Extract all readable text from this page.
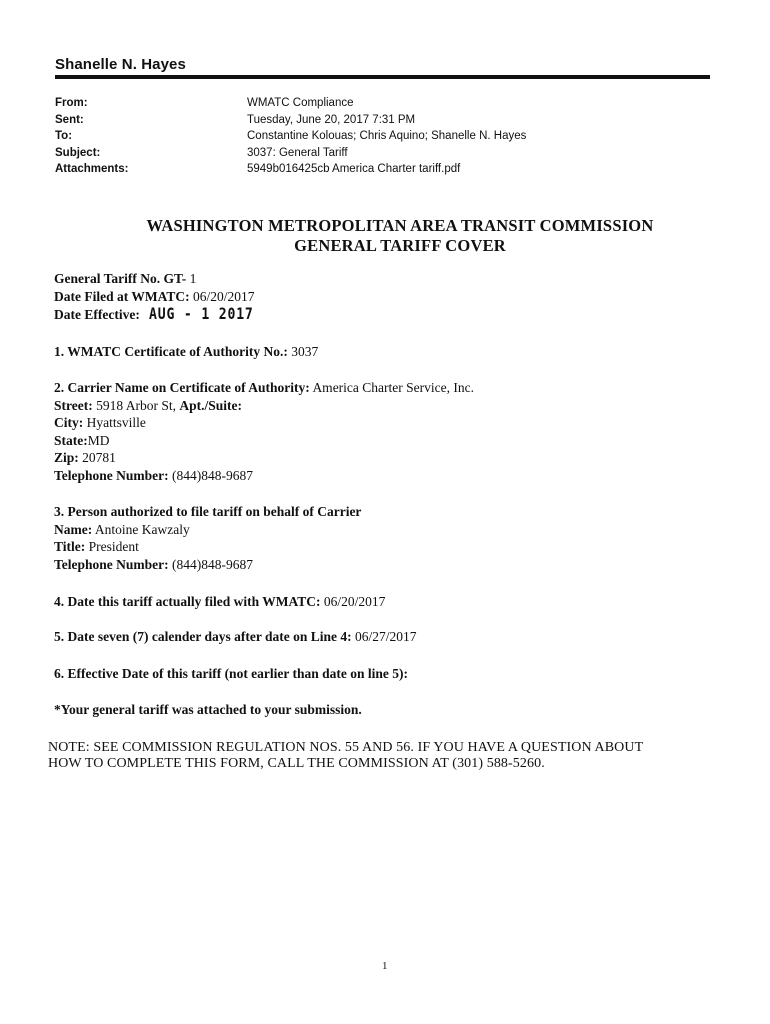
Shanelle N. Hayes
From:	WMATC Compliance
Sent:	Tuesday, June 20, 2017 7:31 PM
To:	Constantine Kolouas; Chris Aquino; Shanelle N. Hayes
Subject:	3037: General Tariff
Attachments:	5949b016425cb America Charter tariff.pdf
WASHINGTON METROPOLITAN AREA TRANSIT COMMISSION
GENERAL TARIFF COVER
General Tariff No. GT- 1
Date Filed at WMATC: 06/20/2017
Date Effective: AUG - 1 2017
1. WMATC Certificate of Authority No.: 3037
2. Carrier Name on Certificate of Authority: America Charter Service, Inc.
Street: 5918 Arbor St, Apt./Suite:
City: Hyattsville
State:MD
Zip: 20781
Telephone Number: (844)848-9687
3. Person authorized to file tariff on behalf of Carrier
Name: Antoine Kawzaly
Title: President
Telephone Number: (844)848-9687
4. Date this tariff actually filed with WMATC: 06/20/2017
5. Date seven (7) calender days after date on Line 4: 06/27/2017
6. Effective Date of this tariff (not earlier than date on line 5):
*Your general tariff was attached to your submission.
NOTE: SEE COMMISSION REGULATION NOS. 55 AND 56. IF YOU HAVE A QUESTION ABOUT
HOW TO COMPLETE THIS FORM, CALL THE COMMISSION AT (301) 588-5260.
1
